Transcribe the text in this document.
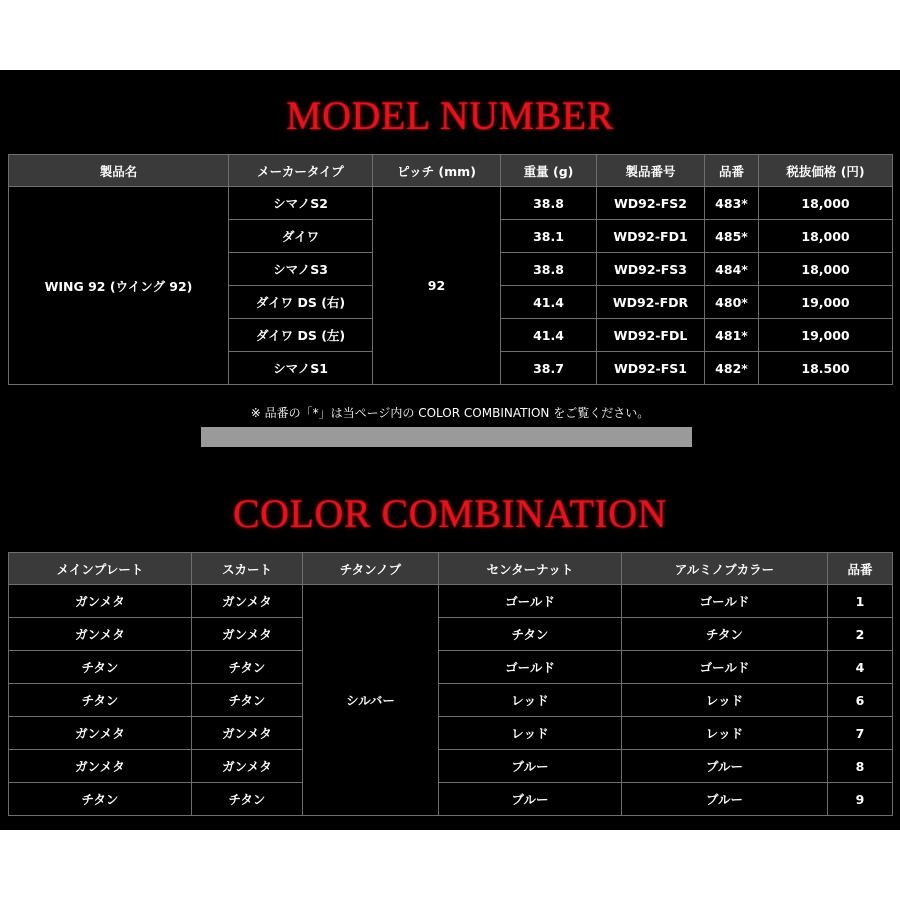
MODEL NUMBER
製品名	メーカータイプ	ピッチ (mm)	重量 (g)	製品番号	品番	税抜価格 (円)
WING 92 (ウイング 92)	シマノS2	92	38.8	WD92-FS2	483*	18,000
	ダイワ		38.1	WD92-FD1	485*	18,000
	シマノS3		38.8	WD92-FS3	484*	18,000
	ダイワ DS (右)		41.4	WD92-FDR	480*	19,000
	ダイワ DS (左)		41.4	WD92-FDL	481*	19,000
	シマノS1		38.7	WD92-FS1	482*	18.500
※ 品番の「*」は当ページ内の COLOR COMBINATION をご覧ください。
COLOR COMBINATION
メインプレート	スカート	チタンノブ	センターナット	アルミノブカラー	品番
ガンメタ	ガンメタ	シルバー	ゴールド	ゴールド	1
ガンメタ	ガンメタ		チタン	チタン	2
チタン	チタン		ゴールド	ゴールド	4
チタン	チタン		レッド	レッド	6
ガンメタ	ガンメタ		レッド	レッド	7
ガンメタ	ガンメタ		ブルー	ブルー	8
チタン	チタン		ブルー	ブルー	9
